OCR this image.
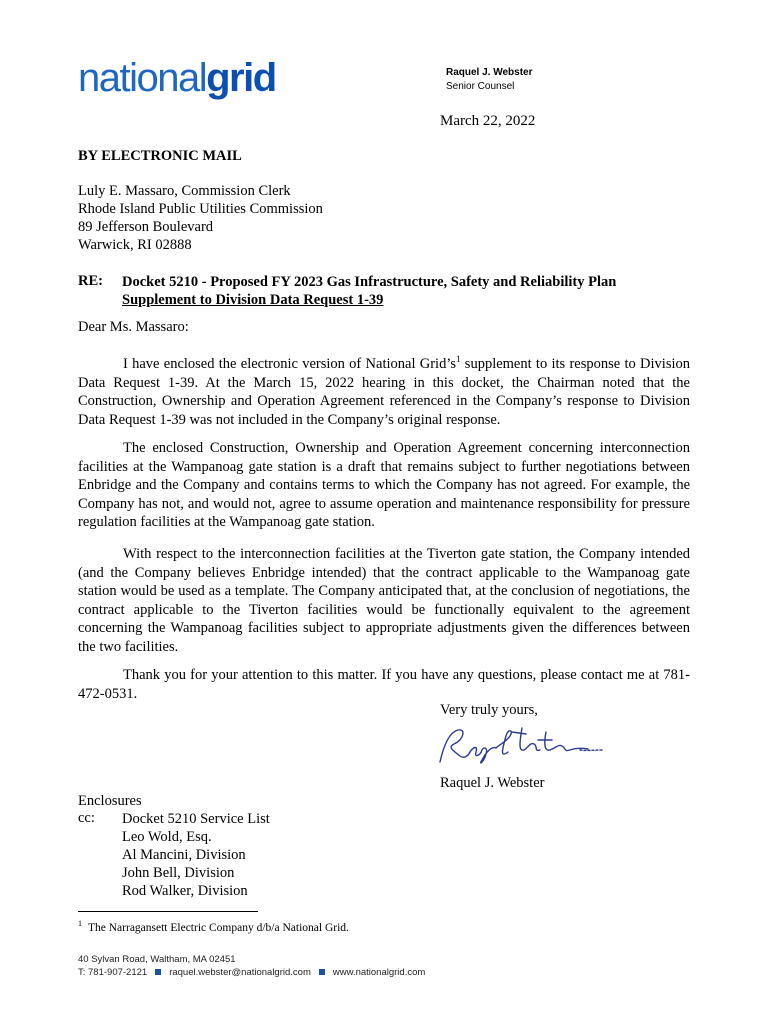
nationalgrid	Raquel J. Webster
Senior Counsel
March 22, 2022
BY ELECTRONIC MAIL
Luly E. Massaro, Commission Clerk
Rhode Island Public Utilities Commission
89 Jefferson Boulevard
Warwick, RI 02888
RE: Docket 5210 - Proposed FY 2023 Gas Infrastructure, Safety and Reliability Plan
Supplement to Division Data Request 1-39
Dear Ms. Massaro:
I have enclosed the electronic version of National $Grid’s^1$ supplement to its response to Division Data Request 1-39. At the March 15, 2022 hearing in this docket, the Chairman noted that the Construction, Ownership and Operation Agreement referenced in the Company’s response to Division Data Request 1-39 was not included in the Company’s original response.
The enclosed Construction, Ownership and Operation Agreement concerning interconnection facilities at the Wampanoag gate station is a draft that remains subject to further negotiations between Enbridge and the Company and contains terms to which the Company has not agreed. For example, the Company has not, and would not, agree to assume operation and maintenance responsibility for pressure regulation facilities at the Wampanoag gate station.
With respect to the interconnection facilities at the Tiverton gate station, the Company intended (and the Company believes Enbridge intended) that the contract applicable to the Wampanoag gate station would be used as a template. The Company anticipated that, at the conclusion of negotiations, the contract applicable to the Tiverton facilities would be functionally equivalent to the agreement concerning the Wampanoag facilities subject to appropriate adjustments given the differences between the two facilities.
Thank you for your attention to this matter. If you have any questions, please contact me at 781-472-0531.
Very truly yours,
Raquel J. Webster
Enclosures
cc: Docket 5210 Service List
Leo Wold, Esq.
Al Mancini, Division
John Bell, Division
Rod Walker, Division
$^1$ The Narragansett Electric Company d/b/a National Grid.
40 Sylvan Road, Waltham, MA 02451
T: 781-907-2121 raquel.webster@nationalgrid.com www.nationalgrid.com
